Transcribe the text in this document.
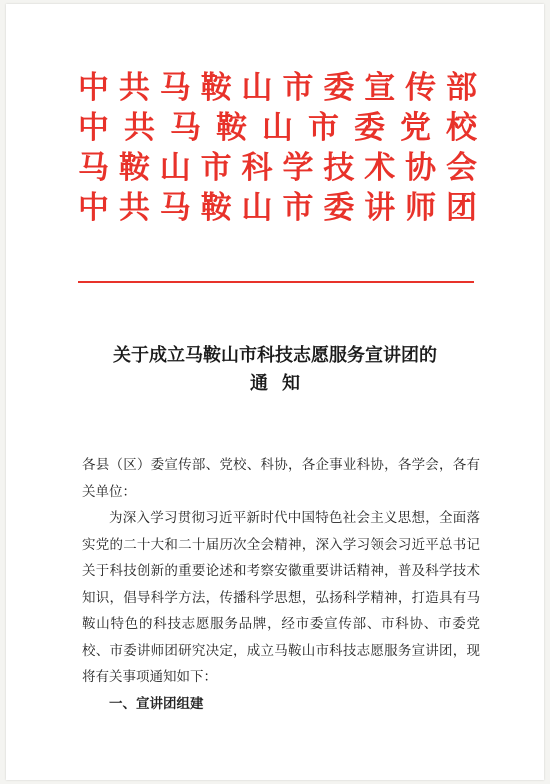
中共马鞍山市委宣传部
中共马鞍山市委党校
马鞍山市科学技术协会
中共马鞍山市委讲师团
关于成立马鞍山市科技志愿服务宣讲团的
通知

各县（区）委宣传部、党校、科协，各企事业科协，各学会，各有关单位：

为深入学习贯彻习近平新时代中国特色社会主义思想，全面落实党的二十大和二十届历次全会精神，深入学习领会习近平总书记关于科技创新的重要论述和考察安徽重要讲话精神，普及科学技术知识，倡导科学方法，传播科学思想，弘扬科学精神，打造具有马鞍山特色的科技志愿服务品牌，经市委宣传部、市科协、市委党校、市委讲师团研究决定，成立马鞍山市科技志愿服务宣讲团，现将有关事项通知如下：

一、宣讲团组建
